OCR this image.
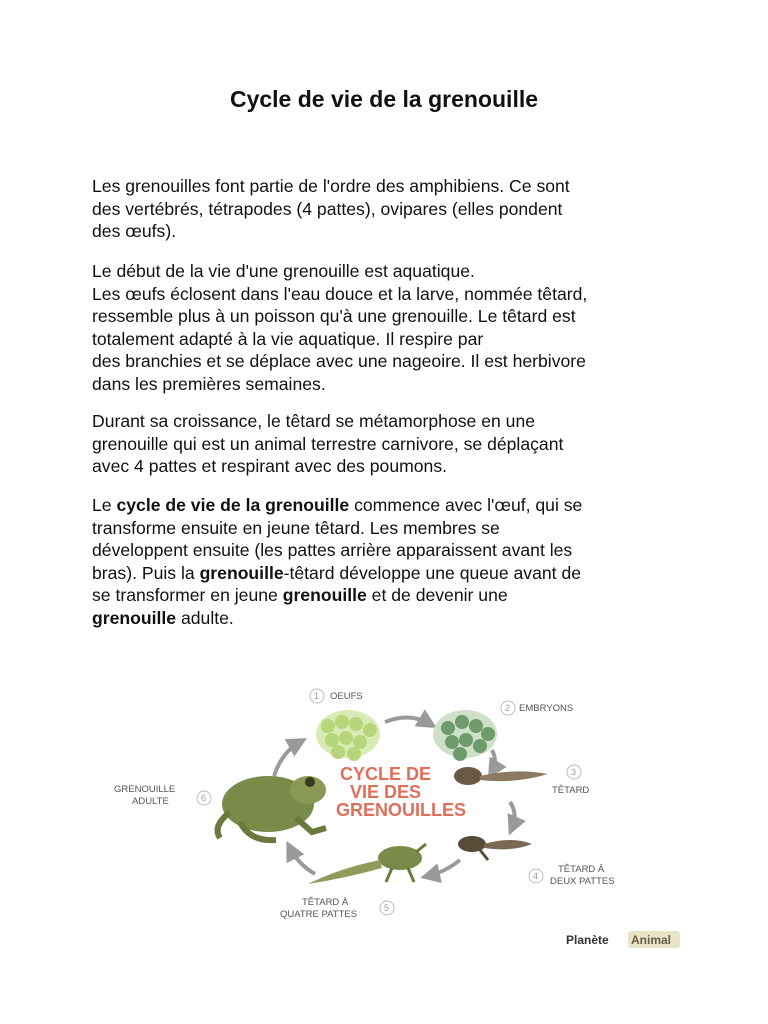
Cycle de vie de la grenouille

Les grenouilles font partie de l'ordre des amphibiens. Ce sont
des vertébrés, tétrapodes (4 pattes), ovipares (elles pondent
des œufs).

Le début de la vie d'une grenouille est aquatique.
Les œufs éclosent dans l'eau douce et la larve, nommée têtard,
ressemble plus à un poisson qu'à une grenouille. Le têtard est
totalement adapté à la vie aquatique. Il respire par
des branchies et se déplace avec une nageoire. Il est herbivore
dans les premières semaines.

Durant sa croissance, le têtard se métamorphose en une
grenouille qui est un animal terrestre carnivore, se déplaçant
avec 4 pattes et respirant avec des poumons.

Le cycle de vie de la grenouille commence avec l'œuf, qui se
transforme ensuite en jeune têtard. Les membres se
développent ensuite (les pattes arrière apparaissent avant les
bras). Puis la grenouille-têtard développe une queue avant de
se transformer en jeune grenouille et de devenir une
grenouille adulte.

CYCLE DE
VIE DES
GRENOUILLES
1 OEUFS
2 EMBRYONS
3
TÊTARD
4
TÊTARD À
DEUX PATTES
5
TÊTARD À
QUATRE PATTES
6
GRENOUILLE
ADULTE
Planète Animal
